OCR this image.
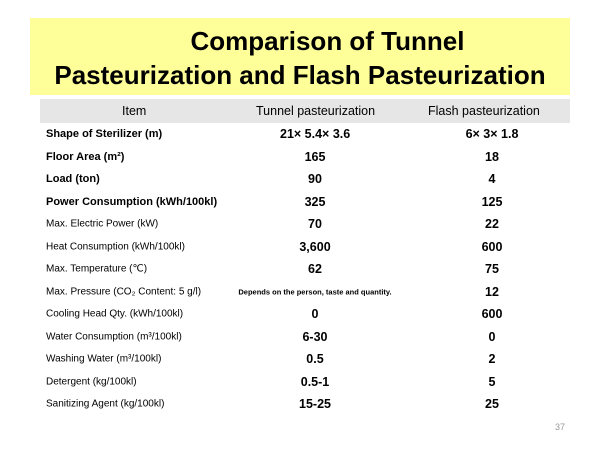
Comparison of Tunnel
Pasteurization and Flash Pasteurization
Item	Tunnel pasteurization	Flash pasteurization
Shape of Sterilizer (m)	21× 5.4× 3.6	6× 3× 1.8
Floor Area (m²)	165	18
Load (ton)	90	4
Power Consumption (kWh/100kl)	325	125
Max. Electric Power (kW)	70	22
Heat Consumption (kWh/100kl)	3,600	600
Max. Temperature (℃)	62	75
Max. Pressure (CO₂ Content: 5 g/l)	Depends on the person, taste and quantity.	12
Cooling Head Qty. (kWh/100kl)	0	600
Water Consumption (m³/100kl)	6-30	0
Washing Water (m³/100kl)	0.5	2
Detergent (kg/100kl)	0.5-1	5
Sanitizing Agent (kg/100kl)	15-25	25
37
